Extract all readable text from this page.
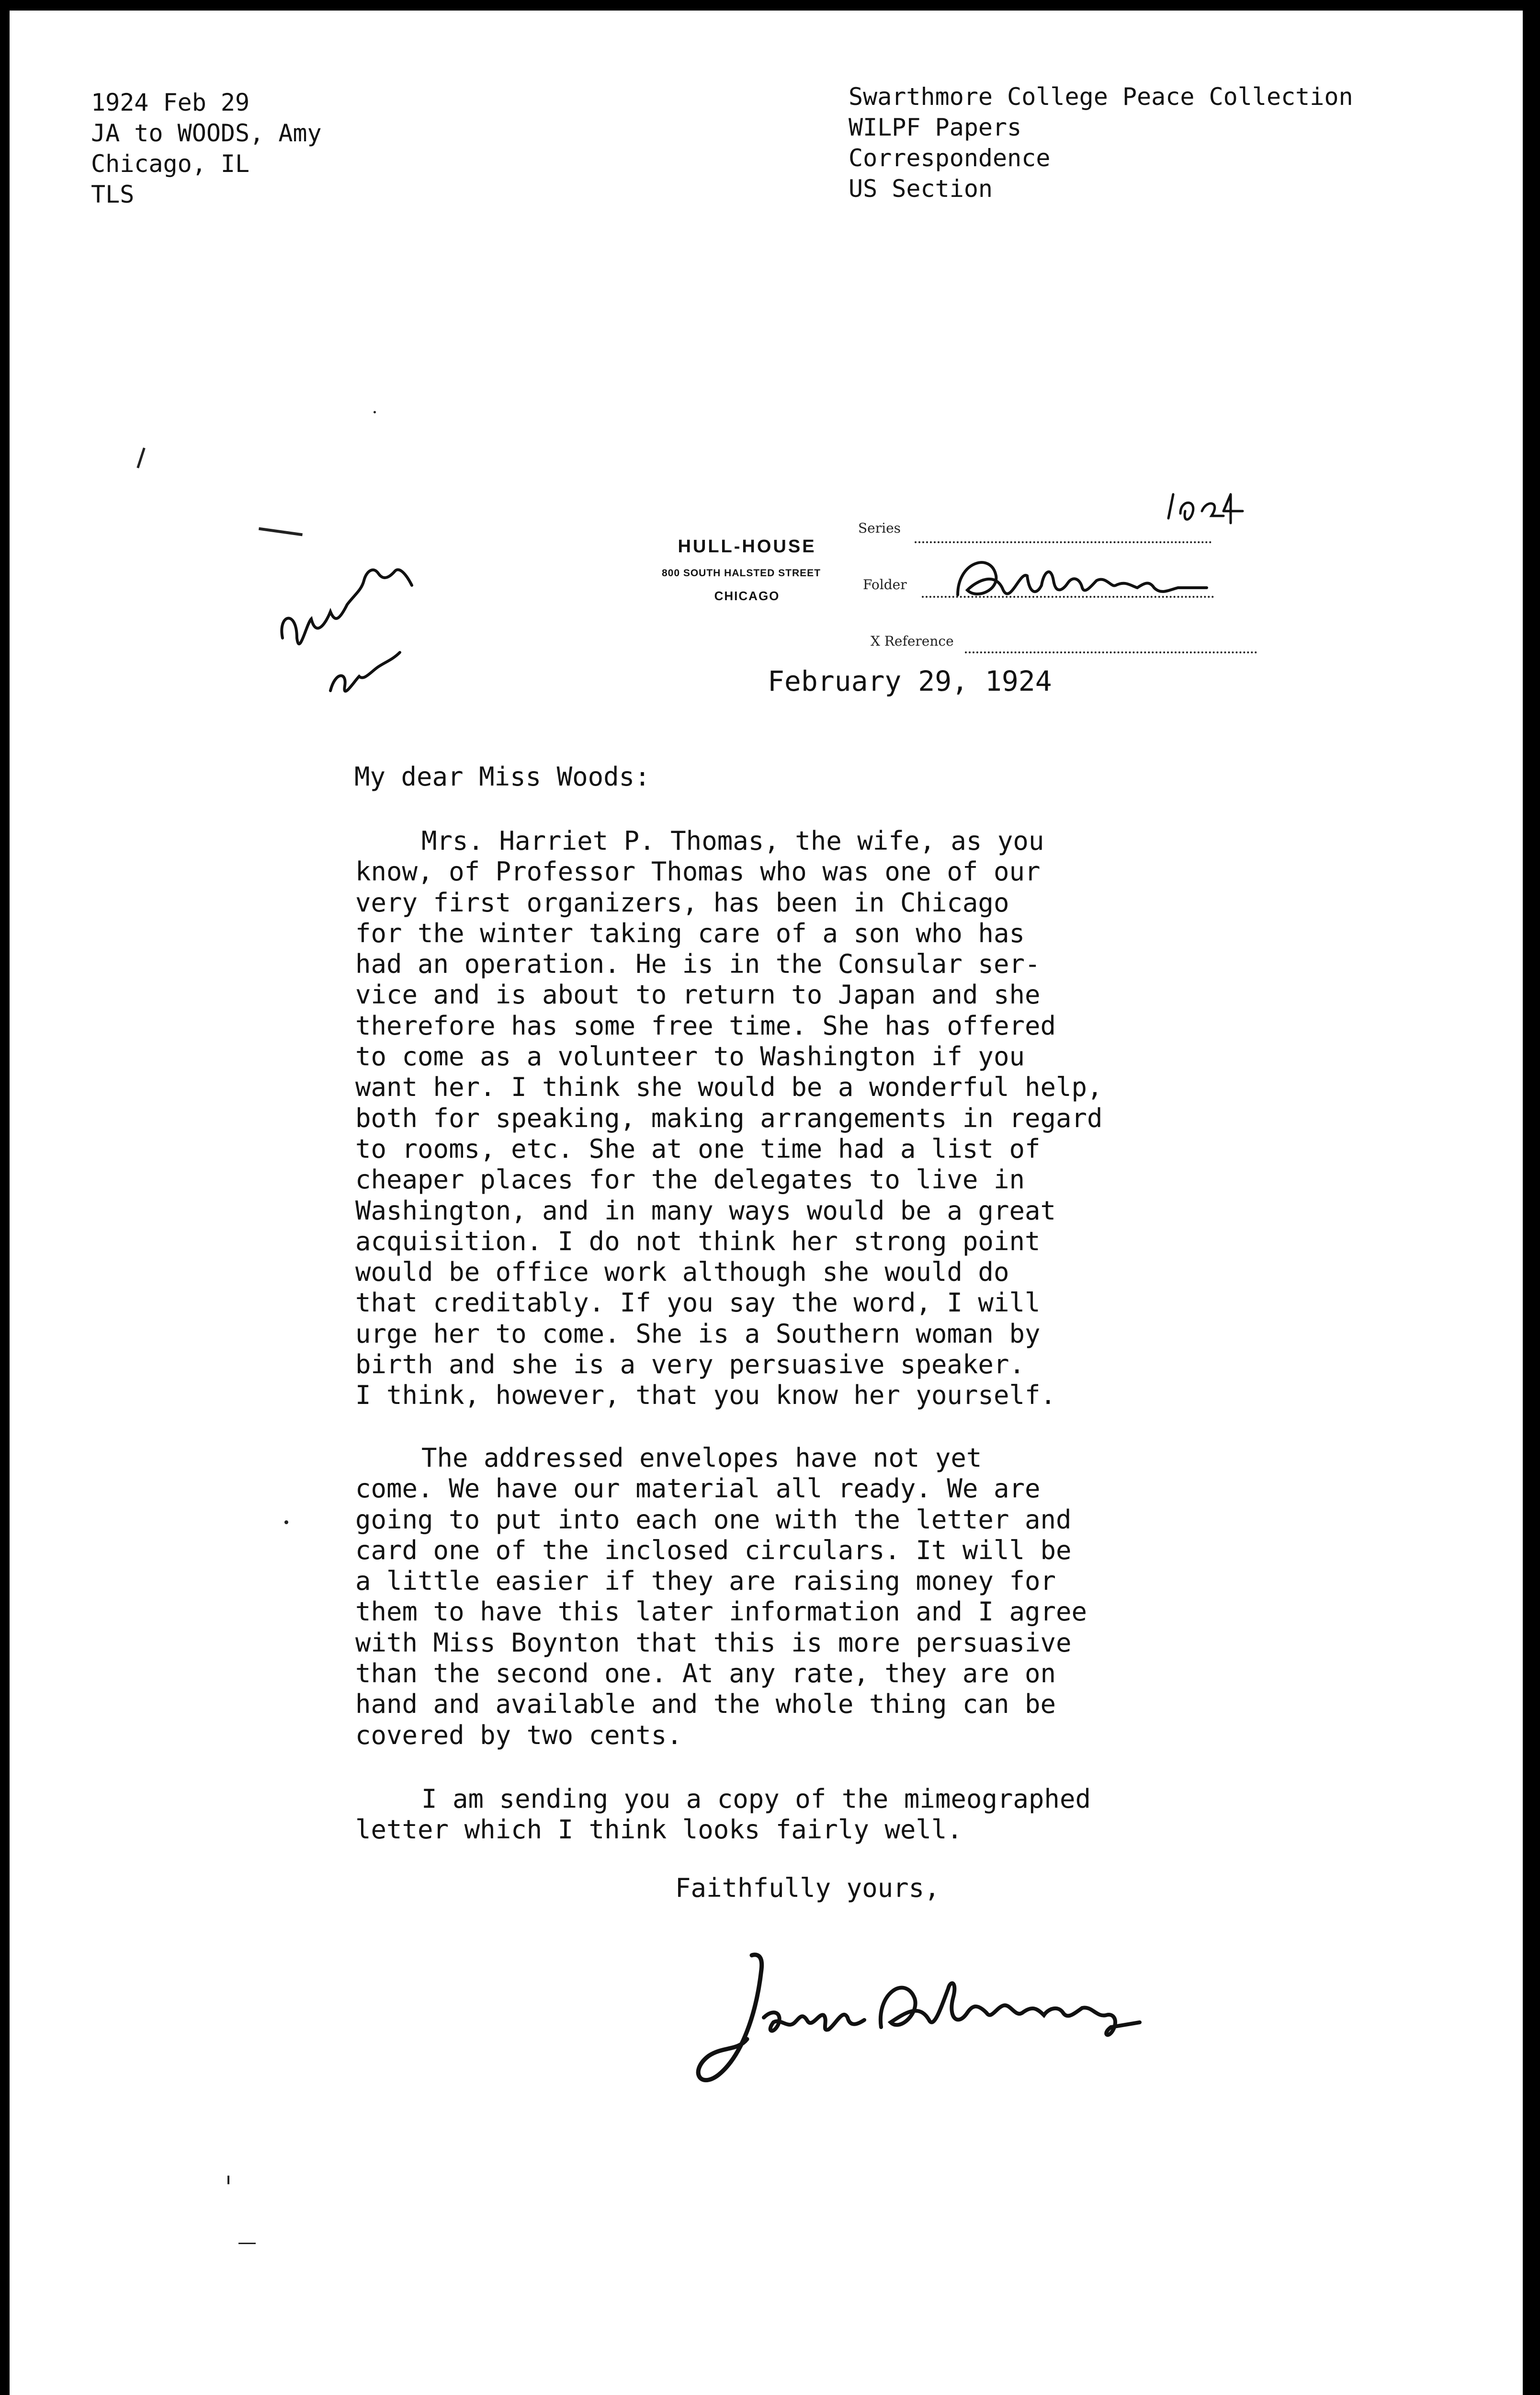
1924 Feb 29
JA to WOODS, Amy
Chicago, IL
TLS
Swarthmore College Peace Collection
WILPF Papers
Correspondence
US Section
HULL-HOUSE
800 SOUTH HALSTED STREET
CHICAGO
Series
Folder
X Reference
February 29, 1924
My dear Miss Woods:
Mrs. Harriet P. Thomas, the wife, as you
know, of Professor Thomas who was one of our
very first organizers, has been in Chicago
for the winter taking care of a son who has
had an operation. He is in the Consular ser-
vice and is about to return to Japan and she
therefore has some free time. She has offered
to come as a volunteer to Washington if you
want her. I think she would be a wonderful help,
both for speaking, making arrangements in regard
to rooms, etc. She at one time had a list of
cheaper places for the delegates to live in
Washington, and in many ways would be a great
acquisition. I do not think her strong point
would be office work although she would do
that creditably. If you say the word, I will
urge her to come. She is a Southern woman by
birth and she is a very persuasive speaker.
I think, however, that you know her yourself.
The addressed envelopes have not yet
come. We have our material all ready. We are
going to put into each one with the letter and
card one of the inclosed circulars. It will be
a little easier if they are raising money for
them to have this later information and I agree
with Miss Boynton that this is more persuasive
than the second one. At any rate, they are on
hand and available and the whole thing can be
covered by two cents.
I am sending you a copy of the mimeographed
letter which I think looks fairly well.
Faithfully yours,
